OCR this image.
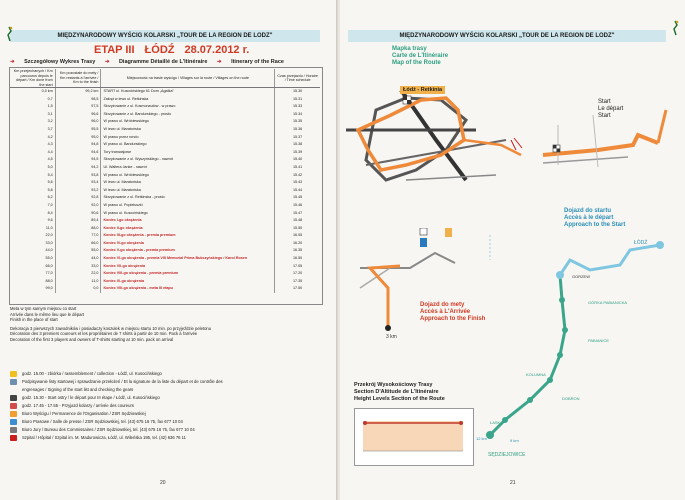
MIĘDZYNARODOWY WYŚCIG KOLARSKI „TOUR DE LA REGION DE LODZ"
ETAP III ŁÓDŹ 28.07.2012 r.
➜ Szczegółowy Wykres Trasy ➜ Diagramme Détaillé de L'Itinéraire ➜ Itinerary of the Race
Km przejechanych / Km parcourus depuis le départ / Km done from the start	Km pozostałe do mety / Km restants à l'arrivée / Km to the finish	Miejscowość na trasie wyścigu / Villages sur la route / Villages on the route	Czas przejazdu / Horaire / Time schedule
0,0 km	99,2 km	START ul. Kusocińskiego 61 Dom „Agatka"	15.30
0,7	98,5	Zakręt w lewo ul. Retkinska	15.31
1,5	97,5	Skrzyżowanie z ul. Kosmonautów - w prawo	15.33
3,1	96,6	Skrzyżowanie z ul. Bandurskiego - prosto	15.34
3,2	96,0	W prawo ul. Wróblewskiego	15.35
3,7	95,5	W lewo ul. Maratońska	15.36
4,2	95,0	W prawo przez rondo	15.37
4,3	94,8	W prawo ul. Bandurskiego	15.38
4,4	94,6	Tory tramwajowe	15.39
4,5	94,5	Skrzyżowanie z ul. Wyszyńskiego - nawrót	15.40
5,0	94,2	Ul. Waltera Janke - nawrót	15.41
5,4	93,8	W prawo ul. Wróblewskiego	15.42
5,6	93,4	W lewo ul. Maratońska	15.43
5,8	93,2	W lewo ul. Maratońska	15.44
6,2	92,8	Skrzyżowanie z ul. Retkinska - prosto	15.45
7,0	92,0	W prawo ul. Popiełuszki	15.46
8,4	90,6	W prawo ul. Kusocińskiego	15.47
9,6	89,4	Koniec I-go okrążenia	15.48
11,0	88,0	Koniec II-go okrążenia	15.50
22,0	77,0	Koniec III-go okrążenia - premia premium	16.05
33,0	66,0	Koniec IV-go okrążenia	16.20
44,0	55,0	Koniec V-go okrążenia - premia premium	16.35
55,0	44,0	Koniec VI-go okrążenia - premia VIII Memorial Prima Bukszyńskiego / Karol Rosen	16.50
66,0	33,0	Koniec VII-go okrążenia	17.05
77,0	22,0	Koniec VIII-go okrążenia - premia premium	17.20
88,0	11,0	Koniec IX-go okrążenia	17.35
99,0	0,0	Koniec VIII-go okrążenia - meta III etapu	17.50
Meta w tym samym miejscu co start
Arrivée dans le même lieu que le départ
Finish in the place of start
Dekoracja 3 pierwszych zawodników i posiadaczy koszulek w miejscu startu 10 min. po przyjeździe peletonu
Décoration des 3 premiers coureurs et les propriétaires de 7 shirts à partir de 10 min. Pack à l'arrivée
Decoration of the first 3 players and owners of T-shirts starting at 10 min. pack on arrival
godz. 15.00 - zbiórka / rassemblement / collection - Łódź, ul. Kusocińskiego
Podpisywanie listy startowej i sprawdzanie przełożeń / Et la signature de la liste du départ et de contrôle des
engrenages / Signing of the start list and checking the gears
godz. 15.30 - Start ostry / le départ pour III étape / Łódź, ul. Kusocińskiego
godz. 17.45 - 17.55 - Przyjazd kolarzy / arrivée des coureurs
Biuro Wyścigu / Permanence de l'Organisation / ZSR Sędziowskiej
Biuro Prasowe / Salle de presse / ZSR Sędziowskiej, tel. (43) 675 16 75, fax 677 10 04
Biuro Jury / Bureau des Commissaires / ZSR Sędziowskiej, tel. (43) 675 16 75, fax 677 10 04
Szpital / Hôpital / Szpital im. M. Madurowicza, Łódź, ul. Wileńska 195, tel. (42) 636 76 11
20
MIĘDZYNARODOWY WYŚCIG KOLARSKI „TOUR DE LA REGION DE LODZ"
Mapka trasy
Carte de L'Itinéraire
Map of the Route
Łódź - Retkinia
Start
Le départ
Start
Dojazd do startu
Accès à le départ
Approach to the Start
3 km
Dojazd do mety
Accès à L'Arrivée
Approach to the Finish
ŁÓDŹ
GORZEW
GÓRKA PABIANICKA
PABIANICE
KOLUMNA
ŁASK
SĘDZIEJOWICE
DOBRON
9 km
12 km
Przekrój Wysokościowy Trasy
Section D'Altitude de L'Itinéraire
Height Levels Section of the Route
21
